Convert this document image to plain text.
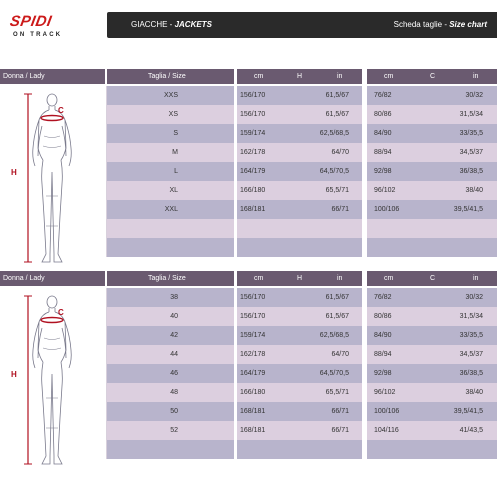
SPIDI
ON TRACK
GIACCHE - JACKETS	Scheda taglie - Size chart
Donna / Lady	Taglia / Size	cm	H	in	cm	C	in
C
H
XXS	156/170	61,5/67	76/82	30/32
XS	156/170	61,5/67	80/86	31,5/34
S	159/174	62,5/68,5	84/90	33/35,5
M	162/178	64/70	88/94	34,5/37
L	164/179	64,5/70,5	92/98	36/38,5
XL	166/180	65,5/71	96/102	38/40
XXL	168/181	66/71	100/106	39,5/41,5
Donna / Lady	Taglia / Size	cm	H	in	cm	C	in
C
H
38	156/170	61,5/67	76/82	30/32
40	156/170	61,5/67	80/86	31,5/34
42	159/174	62,5/68,5	84/90	33/35,5
44	162/178	64/70	88/94	34,5/37
46	164/179	64,5/70,5	92/98	36/38,5
48	166/180	65,5/71	96/102	38/40
50	168/181	66/71	100/106	39,5/41,5
52	168/181	66/71	104/116	41/43,5
